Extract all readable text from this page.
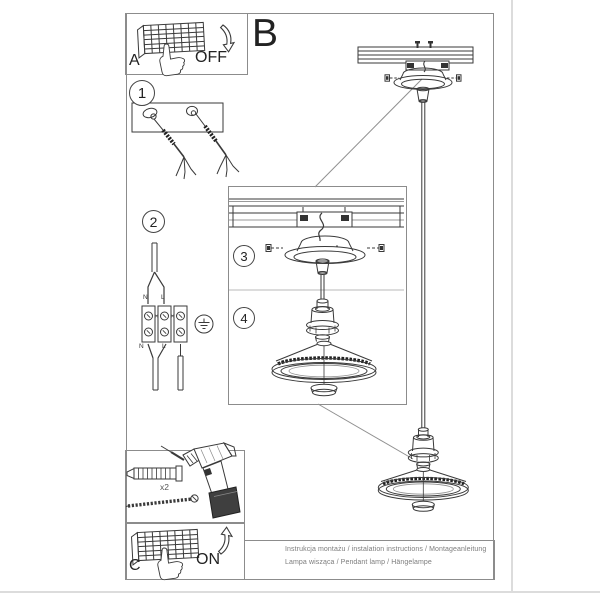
A	OFF
B
1
2
3
4
N L
N	L
x2
C	ON
Instrukcja montażu / instalation instructions / Montageanleitung
Lampa wisząca / Pendant lamp / Hängelampe
